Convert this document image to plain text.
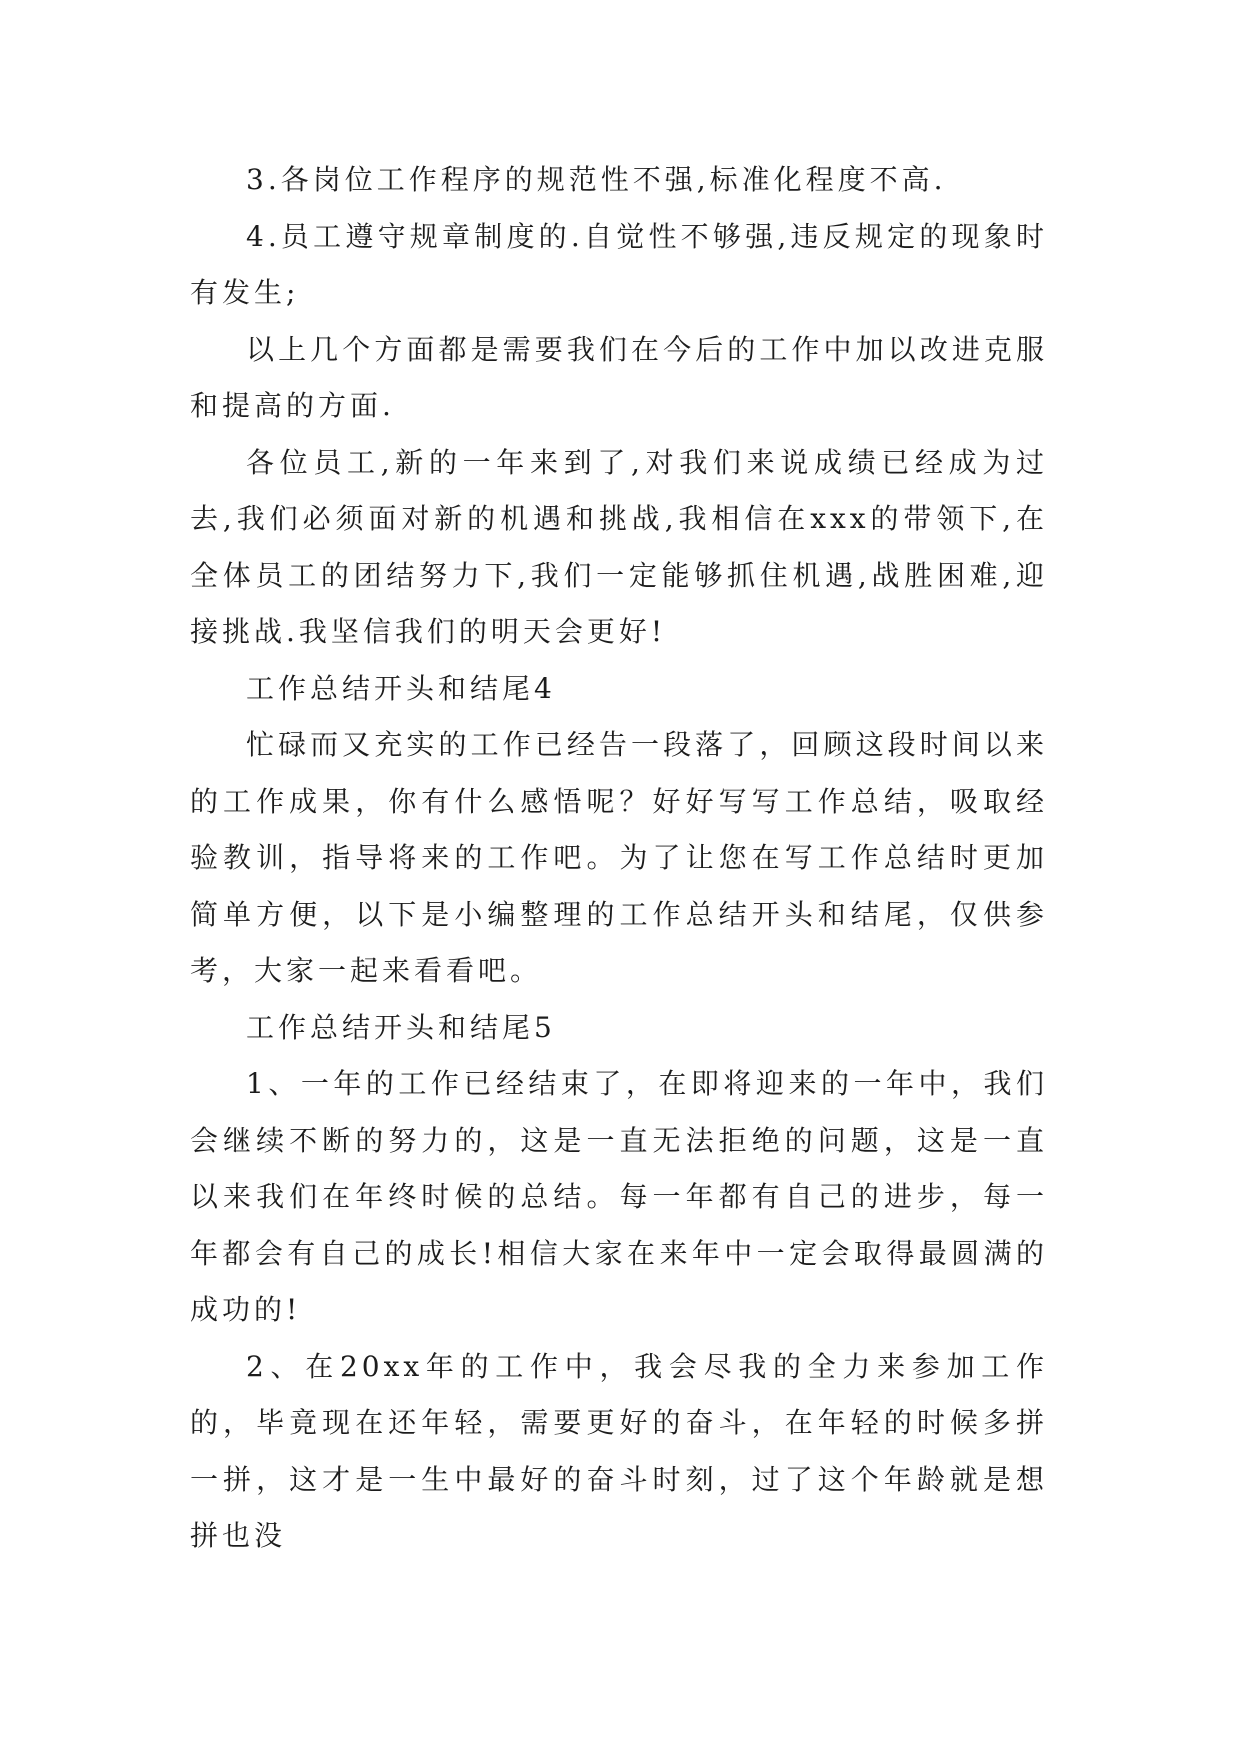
3.各岗位工作程序的规范性不强,标准化程度不高.

4.员工遵守规章制度的.自觉性不够强,违反规定的现象时有发生;

以上几个方面都是需要我们在今后的工作中加以改进克服和提高的方面.

各位员工,新的一年来到了,对我们来说成绩已经成为过去,我们必须面对新的机遇和挑战,我相信在xxx的带领下,在全体员工的团结努力下,我们一定能够抓住机遇,战胜困难,迎接挑战.我坚信我们的明天会更好!

工作总结开头和结尾4

忙碌而又充实的工作已经告一段落了，回顾这段时间以来的工作成果，你有什么感悟呢？好好写写工作总结，吸取经验教训，指导将来的工作吧。为了让您在写工作总结时更加简单方便，以下是小编整理的工作总结开头和结尾，仅供参考，大家一起来看看吧。

工作总结开头和结尾5

1、一年的工作已经结束了，在即将迎来的一年中，我们会继续不断的努力的，这是一直无法拒绝的问题，这是一直以来我们在年终时候的总结。每一年都有自己的进步，每一年都会有自己的成长!相信大家在来年中一定会取得最圆满的成功的!

2、在20xx年的工作中，我会尽我的全力来参加工作的，毕竟现在还年轻，需要更好的奋斗，在年轻的时候多拼一拼，这才是一生中最好的奋斗时刻，过了这个年龄就是想拼也没
